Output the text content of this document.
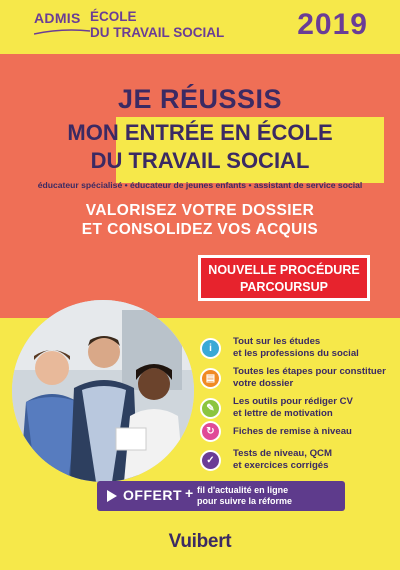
ADMIS ÉCOLE
DU TRAVAIL SOCIAL 2019
JE RÉUSSIS
MON ENTRÉE EN ÉCOLE
DU TRAVAIL SOCIAL
éducateur spécialisé • éducateur de jeunes enfants • assistant de service social
VALORISEZ VOTRE DOSSIER
ET CONSOLIDEZ VOS ACQUIS
NOUVELLE PROCÉDURE
PARCOURSUP
i
Tout sur les études
et les professions du social
▤
Toutes les étapes pour constituer
votre dossier
✎
Les outils pour rédiger CV
et lettre de motivation
↻	Fiches de remise à niveau
✓
Tests de niveau, QCM
et exercices corrigés
OFFERT + fil d'actualité en ligne
pour suivre la réforme
Vuibert
